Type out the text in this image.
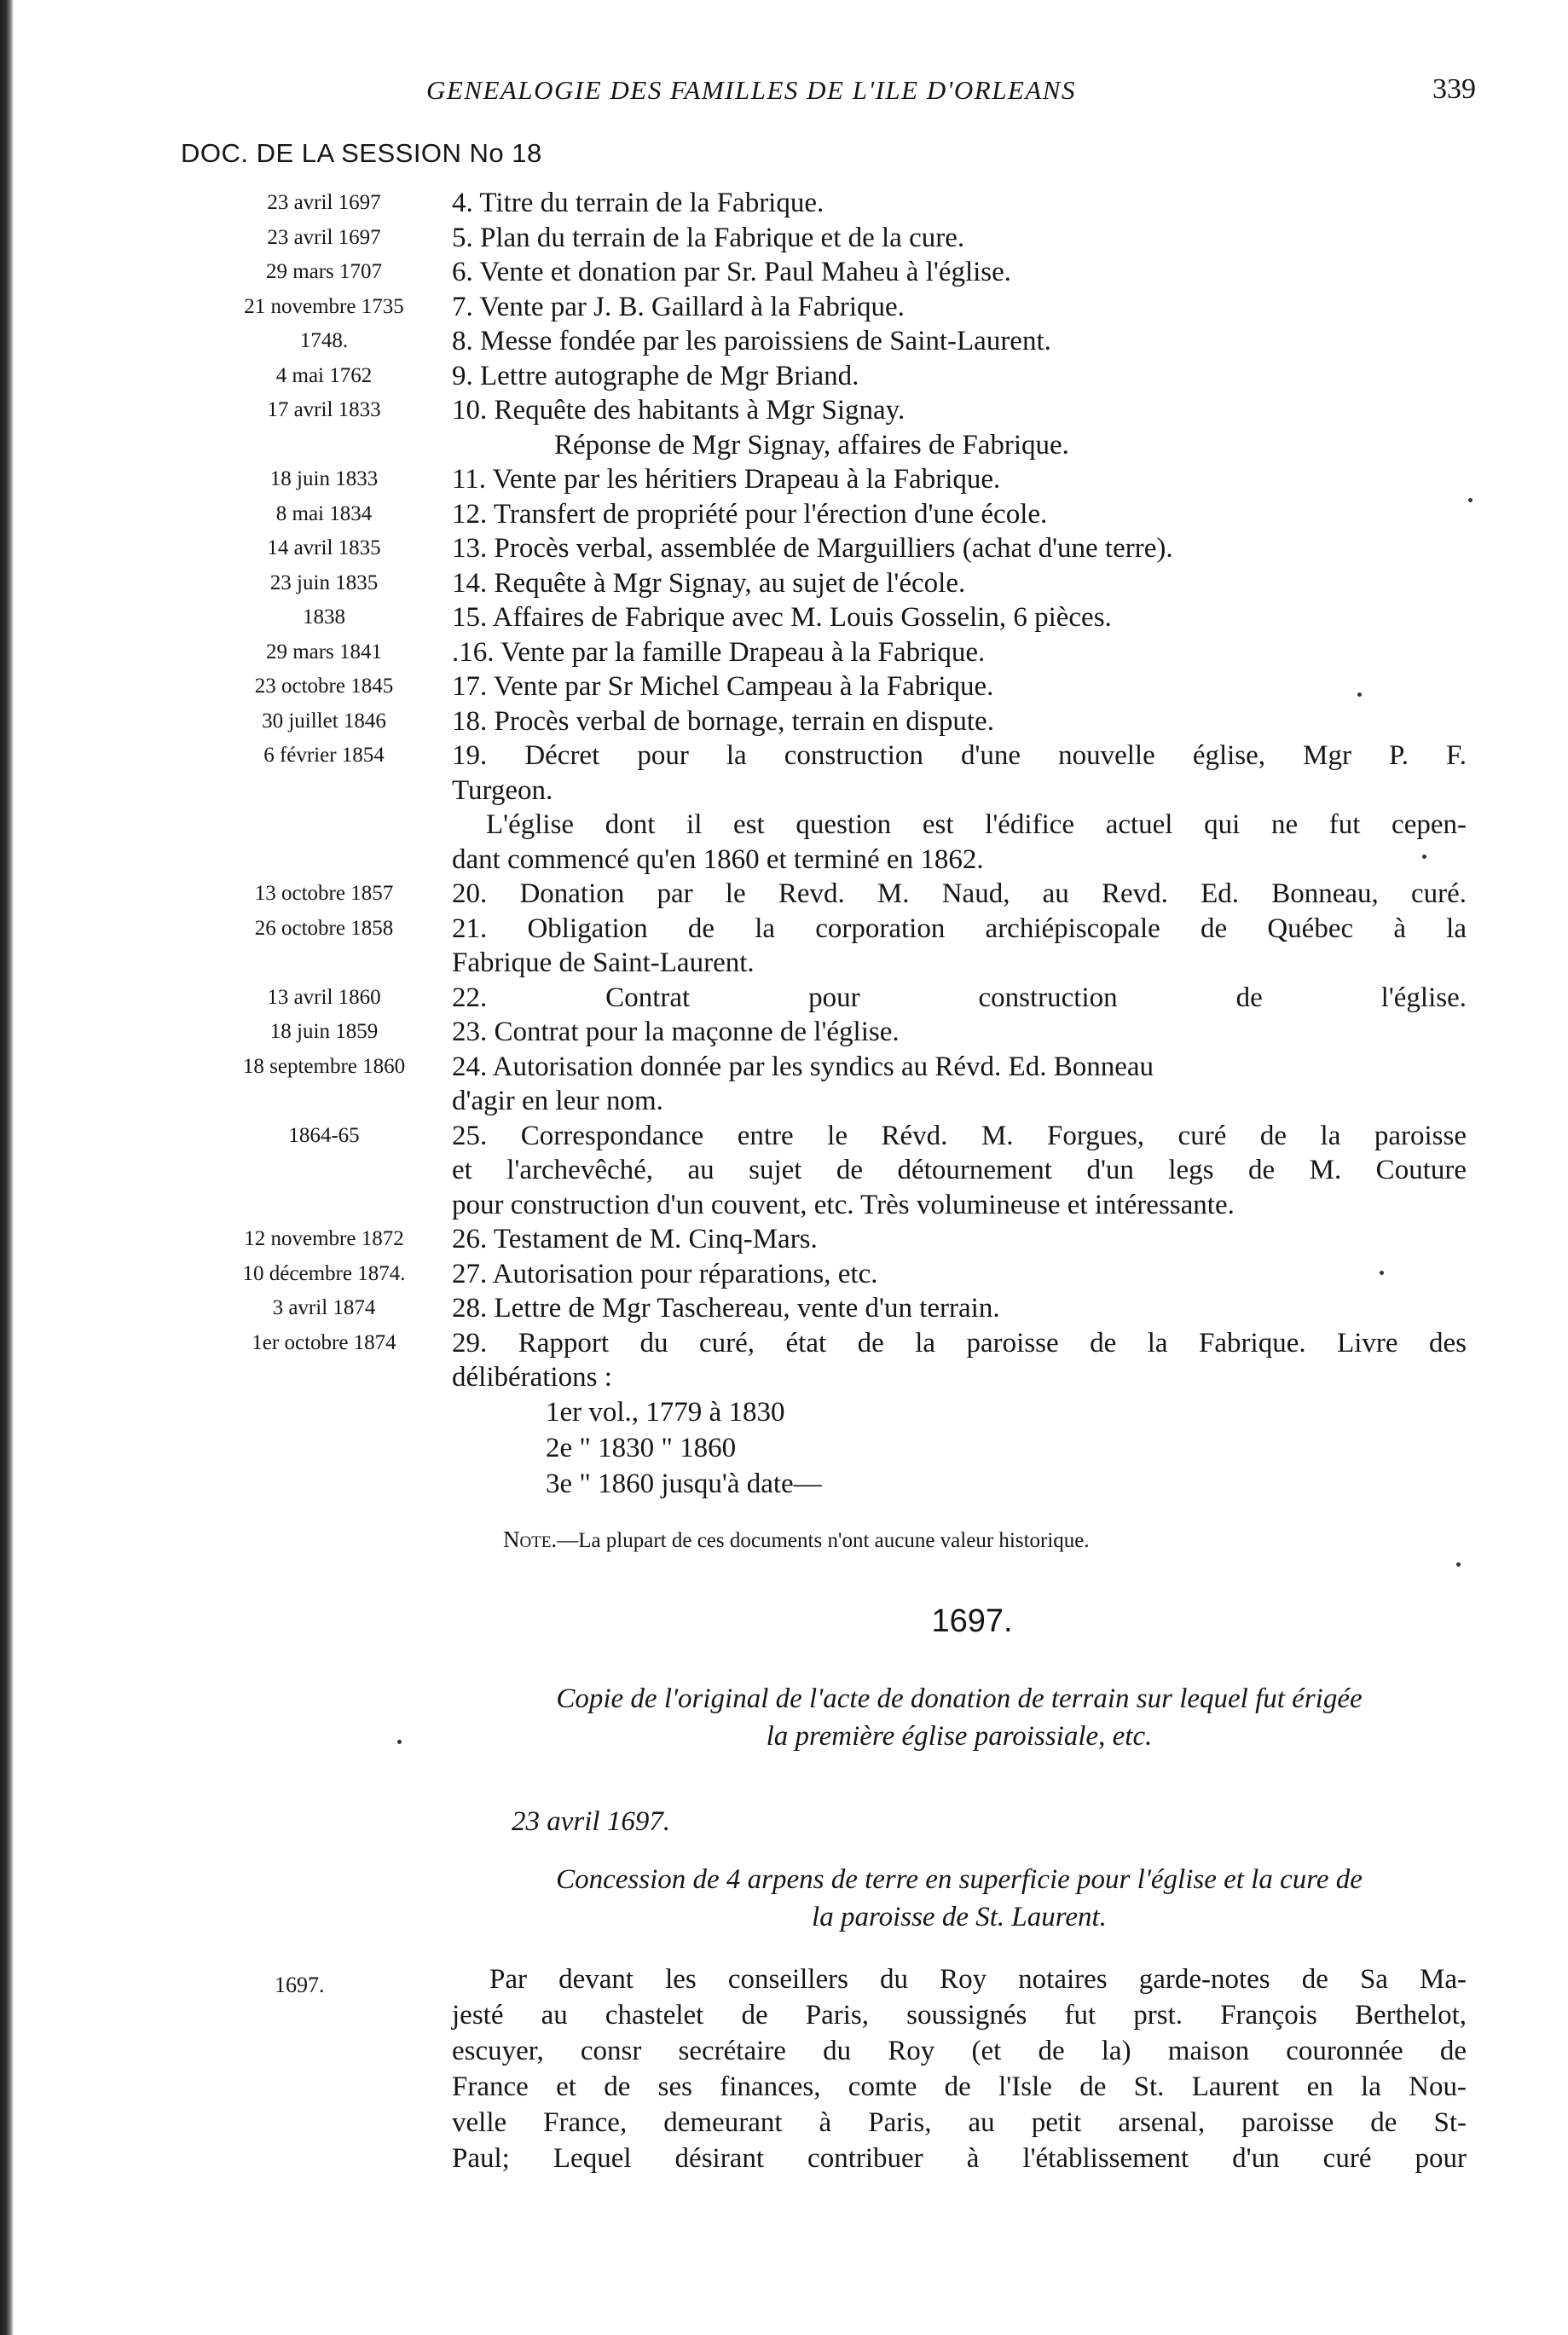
GENEALOGIE DES FAMILLES DE L'ILE D'ORLEANS	339
DOC. DE LA SESSION No 18
23 avril 1697	4. Titre du terrain de la Fabrique.
23 avril 1697	5. Plan du terrain de la Fabrique et de la cure.
29 mars 1707	6. Vente et donation par Sr. Paul Maheu à l'église.
21 novembre 1735	7. Vente par J. B. Gaillard à la Fabrique.
1748.	8. Messe fondée par les paroissiens de Saint-Laurent.
4 mai 1762	9. Lettre autographe de Mgr Briand.
17 avril 1833	10. Requête des habitants à Mgr Signay.
Réponse de Mgr Signay, affaires de Fabrique.
18 juin 1833	11. Vente par les héritiers Drapeau à la Fabrique.
8 mai 1834	12. Transfert de propriété pour l'érection d'une école.
14 avril 1835	13. Procès verbal, assemblée de Marguilliers (achat d'une terre).
23 juin 1835	14. Requête à Mgr Signay, au sujet de l'école.
1838	15. Affaires de Fabrique avec M. Louis Gosselin, 6 pièces.
29 mars 1841	.16. Vente par la famille Drapeau à la Fabrique.
23 octobre 1845	17. Vente par Sr Michel Campeau à la Fabrique.
30 juillet 1846	18. Procès verbal de bornage, terrain en dispute.
6 février 1854	19. Décret pour la construction d'une nouvelle église, Mgr P. F.
Turgeon.
L'église dont il est question est l'édifice actuel qui ne fut cepen-
dant commencé qu'en 1860 et terminé en 1862.
13 octobre 1857	20. Donation par le Revd. M. Naud, au Revd. Ed. Bonneau, curé.
26 octobre 1858	21. Obligation de la corporation archiépiscopale de Québec à la
Fabrique de Saint-Laurent.
13 avril 1860	22. Contrat pour construction de l'église.
18 juin 1859	23. Contrat pour la maçonne de l'église.
18 septembre 1860	24. Autorisation donnée par les syndics au Révd. Ed. Bonneau
d'agir en leur nom.
1864-65	25. Correspondance entre le Révd. M. Forgues, curé de la paroisse
et l'archevêché, au sujet de détournement d'un legs de M. Couture
pour construction d'un couvent, etc. Très volumineuse et intéressante.
12 novembre 1872	26. Testament de M. Cinq-Mars.
10 décembre 1874.	27. Autorisation pour réparations, etc.
3 avril 1874	28. Lettre de Mgr Taschereau, vente d'un terrain.
1er octobre 1874	29. Rapport du curé, état de la paroisse de la Fabrique. Livre des
délibérations :
1er vol., 1779 à 1830
2e " 1830 " 1860
3e " 1860 jusqu'à date—
Note.—La plupart de ces documents n'ont aucune valeur historique.
1697.
Copie de l'original de l'acte de donation de terrain sur lequel fut érigée
la première église paroissiale, etc.
23 avril 1697.
Concession de 4 arpens de terre en superficie pour l'église et la cure de
la paroisse de St. Laurent.
1697.	Par devant les conseillers du Roy notaires garde-notes de Sa Ma-
jesté au chastelet de Paris, soussignés fut prst. François Berthelot,
escuyer, consr secrétaire du Roy (et de la) maison couronnée de
France et de ses finances, comte de l'Isle de St. Laurent en la Nou-
velle France, demeurant à Paris, au petit arsenal, paroisse de St-
Paul; Lequel désirant contribuer à l'établissement d'un curé pour
